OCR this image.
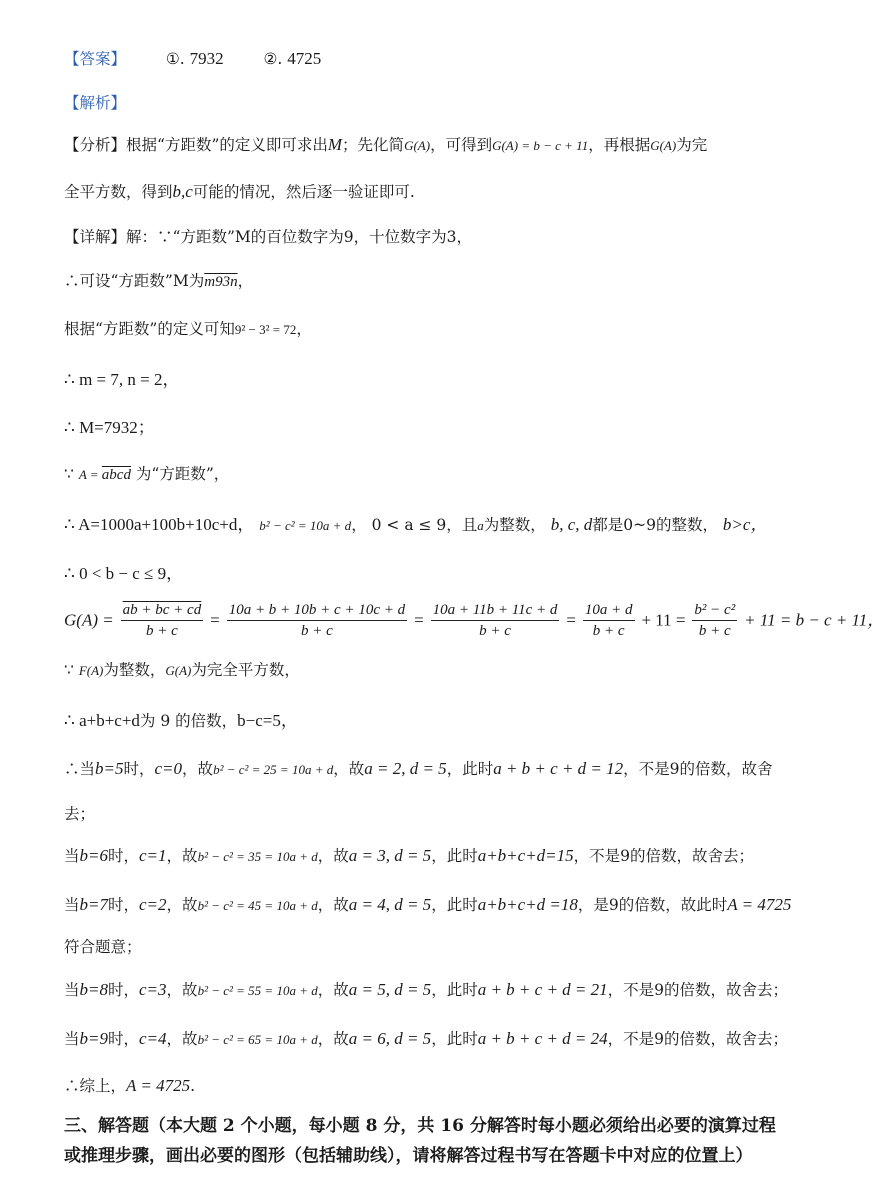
【答案】	①. 7932	②. 4725
【解析】
【分析】根据“方距数”的定义即可求出M；先化简G(A)，可得到G(A) = b − c + 11，再根据G(A)为完
全平方数，得到b,c可能的情况，然后逐一验证即可.
【详解】解：∵“方距数”M的百位数字为9，十位数字为3，
∴可设“方距数”M为m93n，
根据“方距数”的定义可知9² − 3² = 72，
∴ m = 7, n = 2，
∴ M=7932；
∵ A = abcd 为“方距数”，
∴ A=1000a+100b+10c+d， b² − c² = 10a + d， 0 < a ≤ 9，且a为整数， b, c, d都是0~9的整数， b>c，
∴ 0 < b − c ≤ 9，
$G(A) = \frac{ab + bc + cd}{b + c} = \frac{10a + b + 10b + c + 10c + d}{b + c} = \frac{10a + 11b + 11c + d}{b + c} = \frac{10a + d}{b + c} + 11 = \frac{\text{b² − c²}}{b + c} + 11 = b - c + 11$，
∵ F(A)为整数，G(A)为完全平方数，
∴ a+b+c+d为 9 的倍数，b−c=5，
∴当b=5时，c=0，故b² − c² = 25 = 10a + d，故a = 2, d = 5，此时a + b + c + d = 12，不是9的倍数，故舍
去；
当b=6时，c=1，故b² − c² = 35 = 10a + d，故a = 3, d = 5，此时a+b+c+d=15，不是9的倍数，故舍去；
当b=7时，c=2，故b² − c² = 45 = 10a + d，故a = 4, d = 5，此时a+b+c+d =18，是9的倍数，故此时A = 4725
符合题意；
当b=8时，c=3，故b² − c² = 55 = 10a + d，故a = 5, d = 5，此时a + b + c + d = 21，不是9的倍数，故舍去；
当b=9时，c=4，故b² − c² = 65 = 10a + d，故a = 6, d = 5，此时a + b + c + d = 24，不是9的倍数，故舍去；
∴综上，A = 4725.
三、解答题（本大题 2 个小题，每小题 8 分，共 16 分解答时每小题必须给出必要的演算过程
或推理步骤，画出必要的图形（包括辅助线），请将解答过程书写在答题卡中对应的位置上）
